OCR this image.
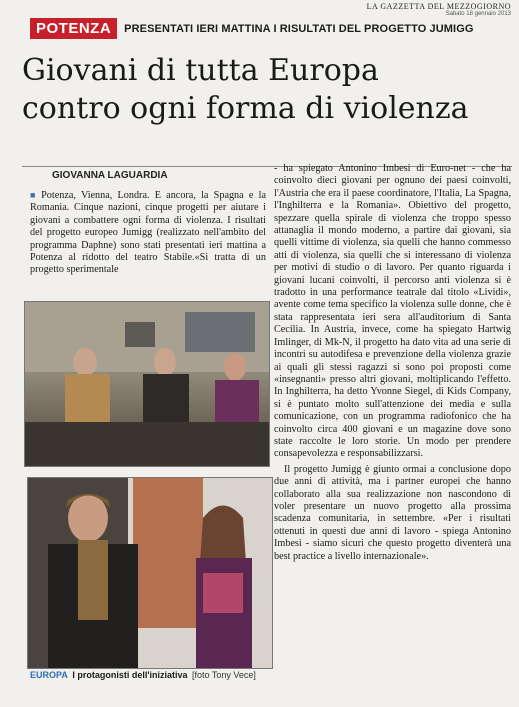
LA GAZZETTA DEL MEZZOGIORNO
Sabato 18 gennaio 2013
POTENZA	PRESENTATI IERI MATTINA I RISULTATI DEL PROGETTO JUMIGG
Giovani di tutta Europa
contro ogni forma di violenza
GIOVANNA LAGUARDIA

■ Potenza, Vienna, Londra. E ancora, la Spagna e la Romania. Cinque nazioni, cinque progetti per aiutare i giovani a combattere ogni forma di violenza. I risultati del progetto europeo Jumigg (realizzato nell'ambito del programma Daphne) sono stati presentati ieri mattina a Potenza al ridotto del teatro Stabile.«Si tratta di un progetto sperimentale

EUROPA I protagonisti dell'iniziativa [foto Tony Vece]

- ha spiegato Antonino Imbesi di Euro-net - che ha coinvolto dieci giovani per ognuno dei paesi coinvolti, l'Austria che era il paese coordinatore, l'Italia, La Spagna, l'Inghilterra e la Romania». Obiettivo del progetto, spezzare quella spirale di violenza che troppo spesso attanaglia il mondo moderno, a partire dai giovani, sia quelli vittime di violenza, sia quelli che hanno commesso atti di violenza, sia quelli che si interessano di violenza per motivi di studio o di lavoro. Per quanto riguarda i giovani lucani coinvolti, il percorso anti violenza si è tradotto in una performance teatrale dal titolo «Lividi», avente come tema specifico la violenza sulle donne, che è stata rappresentata ieri sera all'auditorium di Santa Cecilia. In Austria, invece, come ha spiegato Hartwig Imlinger, di Mk-N, il progetto ha dato vita ad una serie di incontri su autodifesa e prevenzione della violenza grazie ai quali gli stessi ragazzi si sono poi proposti come «insegnanti» presso altri giovani, moltiplicando l'effetto. In Inghilterra, ha detto Yvonne Siegel, di Kids Company, si è puntato molto sull'attenzione dei media e sulla comunicazione, con un programma radiofonico che ha coinvolto circa 400 giovani e un magazine dove sono state raccolte le loro storie. Un modo per prendere consapevolezza e responsabilizzarsi.

Il progetto Jumigg è giunto ormai a conclusione dopo due anni di attività, ma i partner europei che hanno collaborato alla sua realizzazione non nascondono di voler presentare un nuovo progetto alla prossima scadenza comunitaria, in settembre. «Per i risultati ottenuti in questi due anni di lavoro - spiega Antonino Imbesi - siamo sicuri che questo progetto diventerà una best practice a livello internazionale».
